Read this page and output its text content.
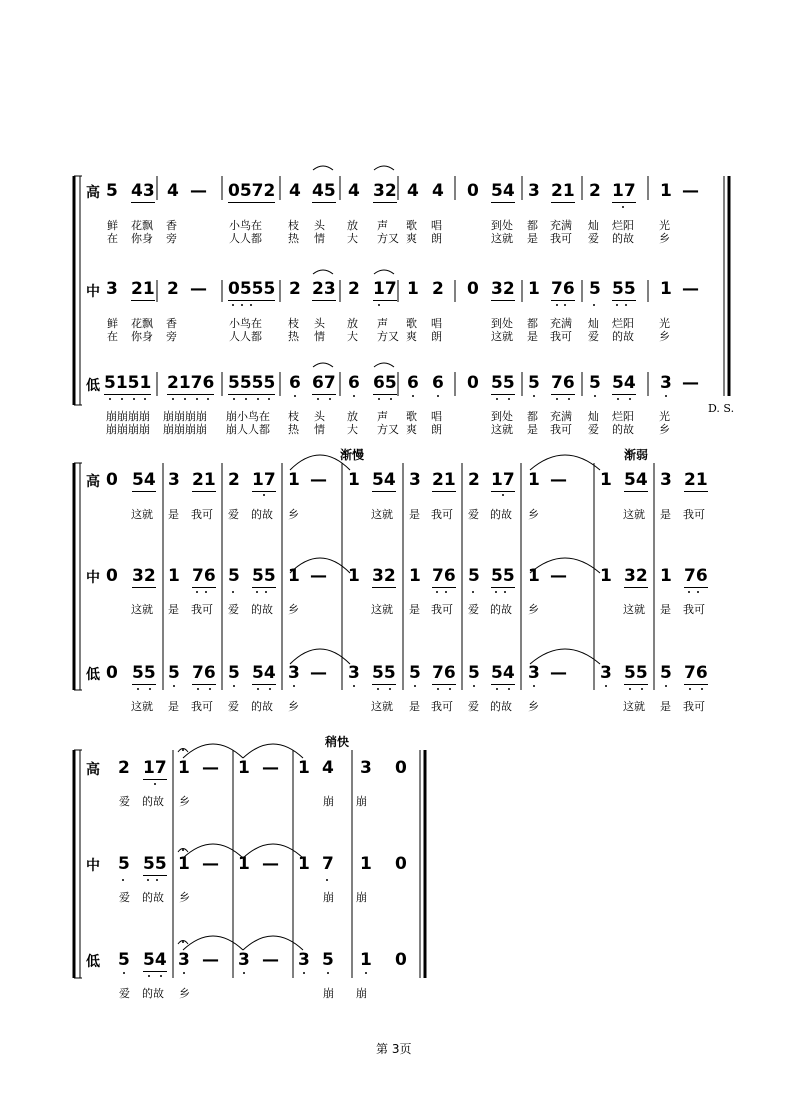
高
中
低
5 43 4 — 0572 4 45 4 32 4 4 0 54 3 21 2 17 1 —
鲜 花飘 香	小鸟在 枝 头 放 声 歌 唱	到处 都 充满 灿 烂阳 光
在 你身 旁	人人都 热 情 大 方又 爽 朗	这就 是 我可 爱 的故 乡
3 21 2 — 0555 2 23 2 17 1 2 0 32 1 76 5 55 1 —
鲜 花飘 香	小鸟在 枝 头 放 声 歌 唱	到处 都 充满 灿 烂阳 光
在 你身 旁	人人都 热 情 大 方又 爽 朗	这就 是 我可 爱 的故 乡
5151 2176 5555 6 67 6 65 6 6 0 55 5 76 5 54 3 —
崩崩崩崩 崩崩崩崩 崩小鸟在 枝 头 放 声 歌 唱	到处 都 充满 灿 烂阳 光
崩崩崩崩 崩崩崩崩 崩人人都 热 情 大 方又 爽 朗	这就 是 我可 爱 的故 乡
D. S.
渐慢	渐弱
高
中
低
0 54 3 21 2 17 1 — 1 54 3 21 2 17 1 — 1 54 3 21
这就 是 我可 爱 的故 乡	这就 是 我可 爱 的故 乡	这就 是 我可
0 32 1 76 5 55 1 — 1 32 1 76 5 55 1 — 1 32 1 76
这就 是 我可 爱 的故 乡	这就 是 我可 爱 的故 乡	这就 是 我可
0 55 5 76 5 54 3 — 3 55 5 76 5 54 3 — 3 55 5 76
这就 是 我可 爱 的故 乡	这就 是 我可 爱 的故 乡	这就 是 我可
稍快
高
中
低
2 17 1 — 1 — 1 4 3 0
爱 的故 乡	崩 崩
5 55 1 — 1 — 1 7 1 0
爱 的故 乡	崩 崩
5 54 3 — 3 — 3 5 1 0
爱 的故 乡	崩 崩
第 3页
